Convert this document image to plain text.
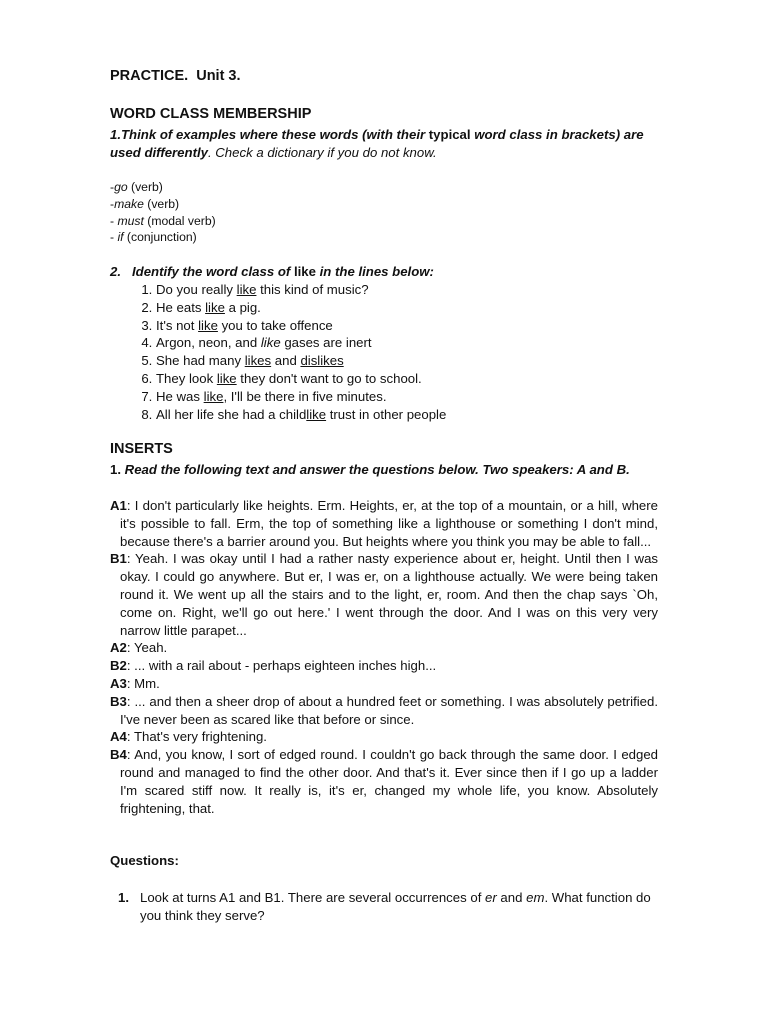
PRACTICE. Unit 3.
WORD CLASS MEMBERSHIP
1.Think of examples where these words (with their typical word class in brackets) are used differently. Check a dictionary if you do not know.
-go (verb)
-make (verb)
- must (modal verb)
- if (conjunction)
2. Identify the word class of like in the lines below:
1. Do you really like this kind of music?
2. He eats like a pig.
3. It's not like you to take offence
4. Argon, neon, and like gases are inert
5. She had many likes and dislikes
6. They look like they don't want to go to school.
7. He was like, I'll be there in five minutes.
8. All her life she had a childlike trust in other people
INSERTS
1. Read the following text and answer the questions below. Two speakers: A and B.

A1: I don't particularly like heights. Erm. Heights, er, at the top of a mountain, or a hill, where it's possible to fall. Erm, the top of something like a lighthouse or something I don't mind, because there's a barrier around you. But heights where you think you may be able to fall...

B1: Yeah. I was okay until I had a rather nasty experience about er, height. Until then I was okay. I could go anywhere. But er, I was er, on a lighthouse actually. We were being taken round it. We went up all the stairs and to the light, er, room. And then the chap says `Oh, come on. Right, we'll go out here.' I went through the door. And I was on this very very narrow little parapet...

A2: Yeah.

B2: ... with a rail about - perhaps eighteen inches high...

A3: Mm.

B3: ... and then a sheer drop of about a hundred feet or something. I was absolutely petrified. I've never been as scared like that before or since.

A4: That's very frightening.

B4: And, you know, I sort of edged round. I couldn't go back through the same door. I edged round and managed to find the other door. And that's it. Ever since then if I go up a ladder I'm scared stiff now. It really is, it's er, changed my whole life, you know. Absolutely frightening, that.

Questions:
1. Look at turns A1 and B1. There are several occurrences of er and em. What function do you think they serve?
